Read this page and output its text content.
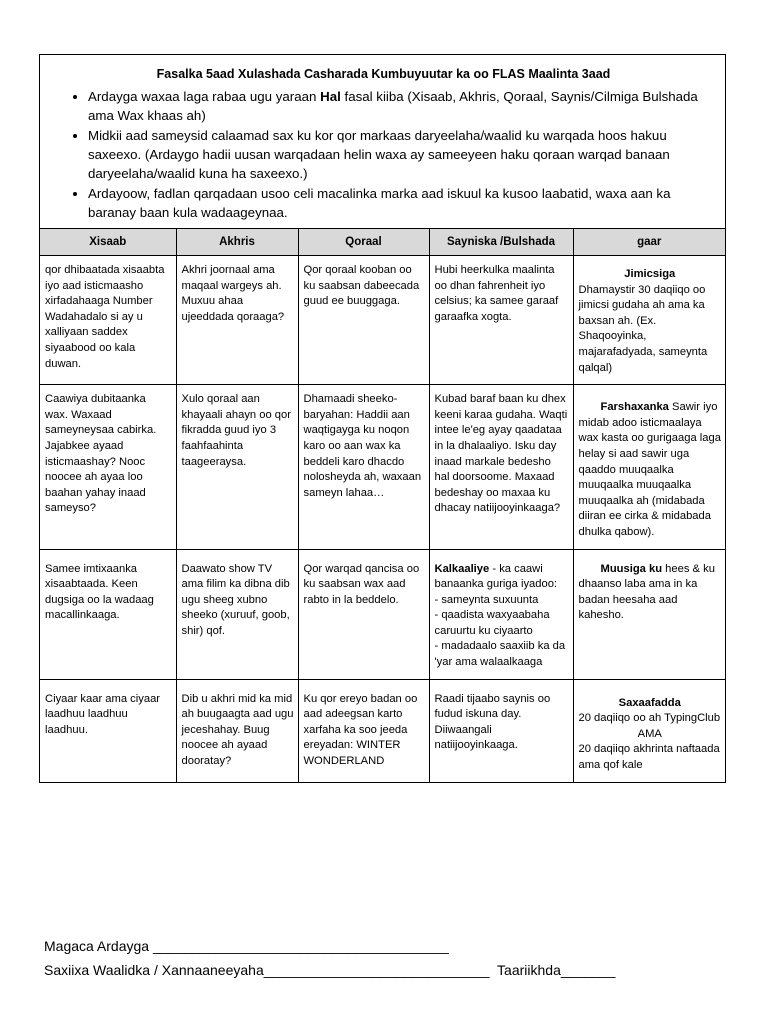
Fasalka 5aad Xulashada Casharada Kumbuyuutar ka oo FLAS Maalinta 3aad
• Ardayga waxaa laga rabaa ugu yaraan Hal fasal kiiba (Xisaab, Akhris, Qoraal, Saynis/Cilmiga Bulshada ama Wax khaas ah)
• Midkii aad sameysid calaamad sax ku kor qor markaas daryeelaha/waalid ku warqada hoos hakuu saxeexo. (Ardaygo hadii uusan warqadaan helin waxa ay sameeyeen haku qoraan warqad banaan daryeelaha/waalid kuna ha saxeexo.)
• Ardayoow, fadlan qarqadaan usoo celi macalinka marka aad iskuul ka kusoo laabatid, waxa aan ka baranay baan kula wadaageynaa.
Xisaab	Akhris	Qoraal	Sayniska /Bulshada	gaar
qor dhibaatada xisaabta iyo aad isticmaasho xirfadahaaga Number Wadahadalo si ay u xalliyaan saddex siyaabood oo kala duwan.	Akhri joornaal ama maqaal wargeys ah. Muxuu ahaa ujeeddada qoraaga?	Qor qoraal kooban oo ku saabsan dabeecada guud ee buuggaga.	Hubi heerkulka maalinta oo dhan fahrenheit iyo celsius; ka samee garaaf garaafka xogta.	Jimicsiga
Dhamaystir 30 daqiiqo oo jimicsi gudaha ah ama ka baxsan ah. (Ex. Shaqooyinka, majarafadyada, sameynta qalqal)
Caawiya dubitaanka wax. Waxaad sameyneysaa cabirka. Jajabkee ayaad isticmaashay? Nooc noocee ah ayaa loo baahan yahay inaad sameyso?	Xulo qoraal aan khayaali ahayn oo qor fikradda guud iyo 3 faahfaahinta taageeraysa.	Dhamaadi sheeko-baryahan: Haddii aan waqtigayga ku noqon karo oo aan wax ka beddeli karo dhacdo nolosheyda ah, waxaan sameyn lahaa…	Kubad baraf baan ku dhex keeni karaa gudaha. Waqti intee le'eg ayay qaadataa in la dhalaaliyo. Isku day inaad markale bedesho hal doorsoome. Maxaad bedeshay oo maxaa ku dhacay natiijooyinkaaga?	Farshaxanka Sawir iyo midab adoo isticmaalaya wax kasta oo gurigaaga laga helay si aad sawir uga qaaddo muuqaalka muuqaalka muuqaalka muuqaalka ah (midabada diiran ee cirka & midabada dhulka qabow).
Samee imtixaanka xisaabtaada. Keen dugsiga oo la wadaag macallinkaaga.	Daawato show TV ama filim ka dibna dib ugu sheeg xubno sheeko (xuruuf, goob, shir) qof.	Qor warqad qancisa oo ku saabsan wax aad rabto in la beddelo.	Kalkaaliye - ka caawi banaanka guriga iyadoo:
- sameynta suxuunta
- qaadista waxyaabaha caruurtu ku ciyaarto
- madadaalo saaxiib ka da 'yar ama walaalkaaga	Muusiga ku hees & ku dhaanso laba ama in ka badan heesaha aad kahesho.
Ciyaar kaar ama ciyaar laadhuu laadhuu laadhuu.	Dib u akhri mid ka mid ah buugaagta aad ugu jeceshahay. Buug noocee ah ayaad dooratay?	Ku qor ereyo badan oo aad adeegsan karto xarfaha ka soo jeeda ereyadan: WINTER WONDERLAND	Raadi tijaabo saynis oo fudud iskuna day. Diiwaangali natiijooyinkaaga.	Saxaafadda
20 daqiiqo oo ah TypingClub
AMA
20 daqiiqo akhrinta naftaada ama qof kale
Magaca Ardayga ______________________________________
Saxiixa Waalidka / Xannaaneeyaha_____________________________  Taariikhda_______
